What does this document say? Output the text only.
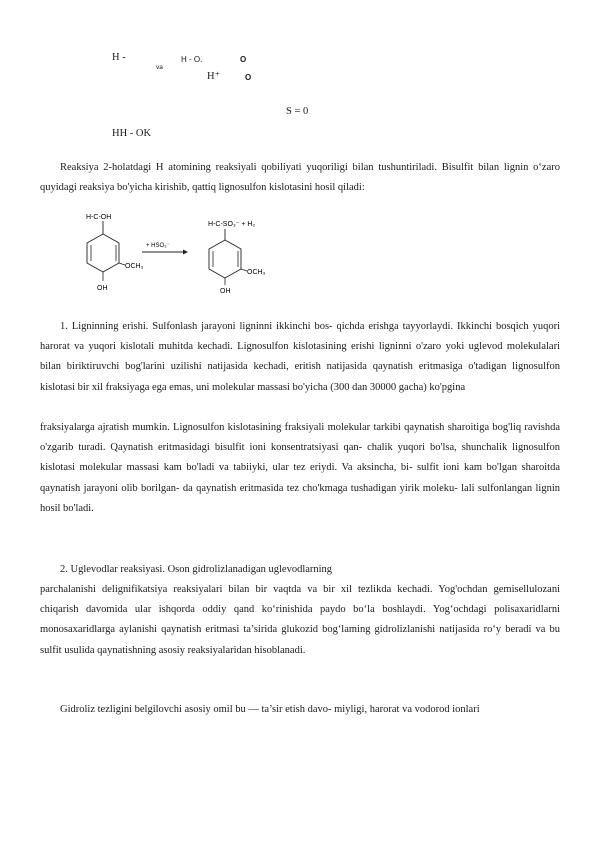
H -
va
H - O.	O
H⁺	O
S = 0
HH - OK
Reaksiya 2-holatdagi H atomining reaksiyali qobiliyati yuqoriligi bilan tushuntiriladi. Bisulfit bilan lignin o‘zaro quyidagi reaksiya bo'yicha kirishib, qattiq lignosulfon kislotasini hosil qiladi:
H-C-OH
OCH₃
OH
+ HSO₃⁻
H-C-SO₃⁻ + H₂
OCH₃
OH
1. Ligninning erishi. Sulfonlash jarayoni ligninni ikkinchi bos- qichda erishga tayyorlaydi. Ikkinchi bosqich yuqori harorat va yuqori kislotali muhitda kechadi. Lignosulfon kislotasining erishi ligninni o'zaro yoki uglevod molekulalari bilan biriktiruvchi bog'larini uzilishi natijasida kechadi, eritish natijasida qaynatish eritmasiga o'tadigan lignosulfon kislotasi bir xil fraksiyaga ega emas, uni molekular massasi bo'yicha (300 dan 30000 gacha) ko'pgina
fraksiyalarga ajratish mumkin. Lignosulfon kislotasining fraksiyali molekular tarkibi qaynatish sharoitiga bog'liq ravishda o'zgarib turadi. Qaynatish eritmasidagi bisulfit ioni konsentratsiyasi qan- chalik yuqori bo'lsa, shunchalik lignosulfon kislotasi molekular massasi kam bo'ladi va tabiiyki, ular tez eriydi. Va aksincha, bi- sulfit ioni kam bo'lgan sharoitda qaynatish jarayoni olib borilgan- da qaynatish eritmasida tez cho'kmaga tushadigan yirik moleku- lali sulfonlangan lignin hosil bo'ladi.
2. Uglevodlar reaksiyasi. Oson gidrolizlanadigan uglevodlarning
parchalanishi delignifikatsiya reaksiyalari bilan bir vaqtda va bir xil tezlikda kechadi. Yog'ochdan gemisellulozani chiqarish davomida ular ishqorda oddiy qand ko‘rinishida paydo bo‘la boshlaydi. Yog‘ochdagi polisaxaridlarni monosaxaridlarga aylanishi qaynatish eritmasi ta’sirida glukozid bog‘laming gidrolizlanishi natijasida ro‘y beradi va bu sulfit usulida qaynatishning asosiy reaksiyalaridan hisoblanadi.
Gidroliz tezligini belgilovchi asosiy omil bu — ta’sir etish davo- miyligi, harorat va vodorod ionlari
